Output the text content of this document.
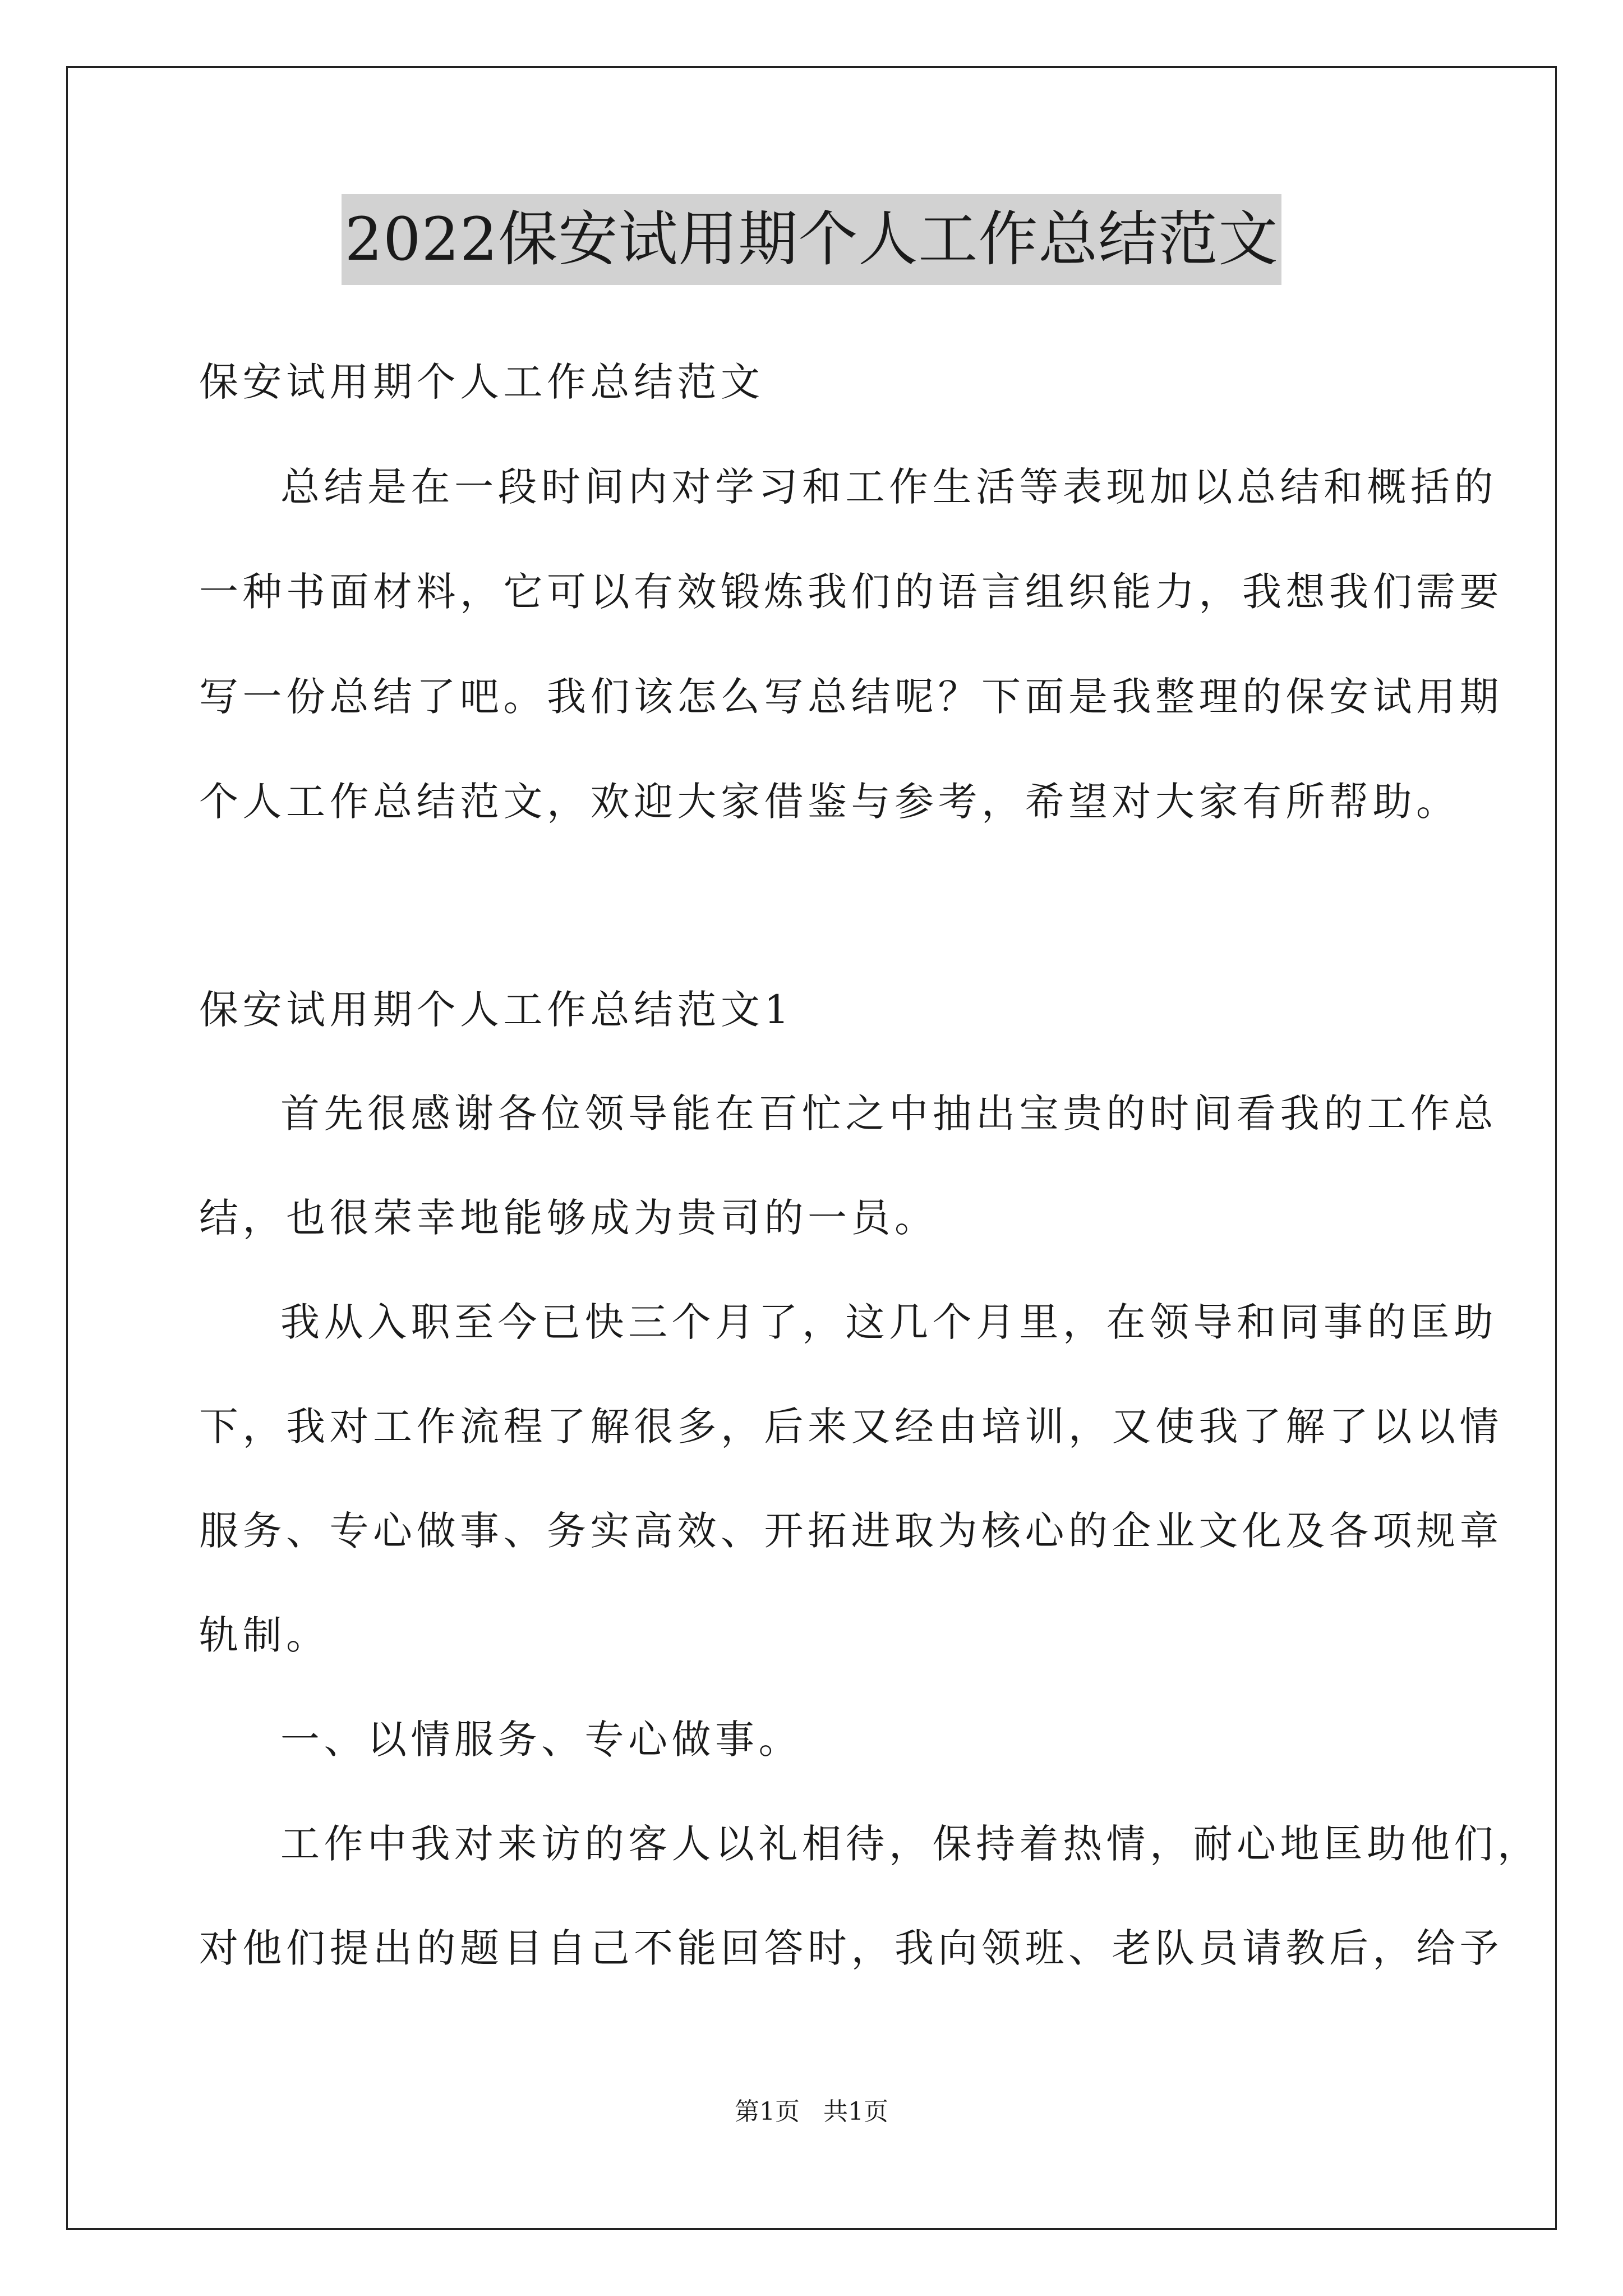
2022保安试用期个人工作总结范文
保安试用期个人工作总结范文
总结是在一段时间内对学习和工作生活等表现加以总结和概括的
一种书面材料，它可以有效锻炼我们的语言组织能力，我想我们需要
写一份总结了吧。我们该怎么写总结呢？下面是我整理的保安试用期
个人工作总结范文，欢迎大家借鉴与参考，希望对大家有所帮助。
保安试用期个人工作总结范文1
首先很感谢各位领导能在百忙之中抽出宝贵的时间看我的工作总
结，也很荣幸地能够成为贵司的一员。
我从入职至今已快三个月了，这几个月里，在领导和同事的匡助
下，我对工作流程了解很多，后来又经由培训，又使我了解了以以情
服务、专心做事、务实高效、开拓进取为核心的企业文化及各项规章
轨制。
一、以情服务、专心做事。
工作中我对来访的客人以礼相待，保持着热情，耐心地匡助他们，
对他们提出的题目自己不能回答时，我向领班、老队员请教后，给予
第1页   共1页
